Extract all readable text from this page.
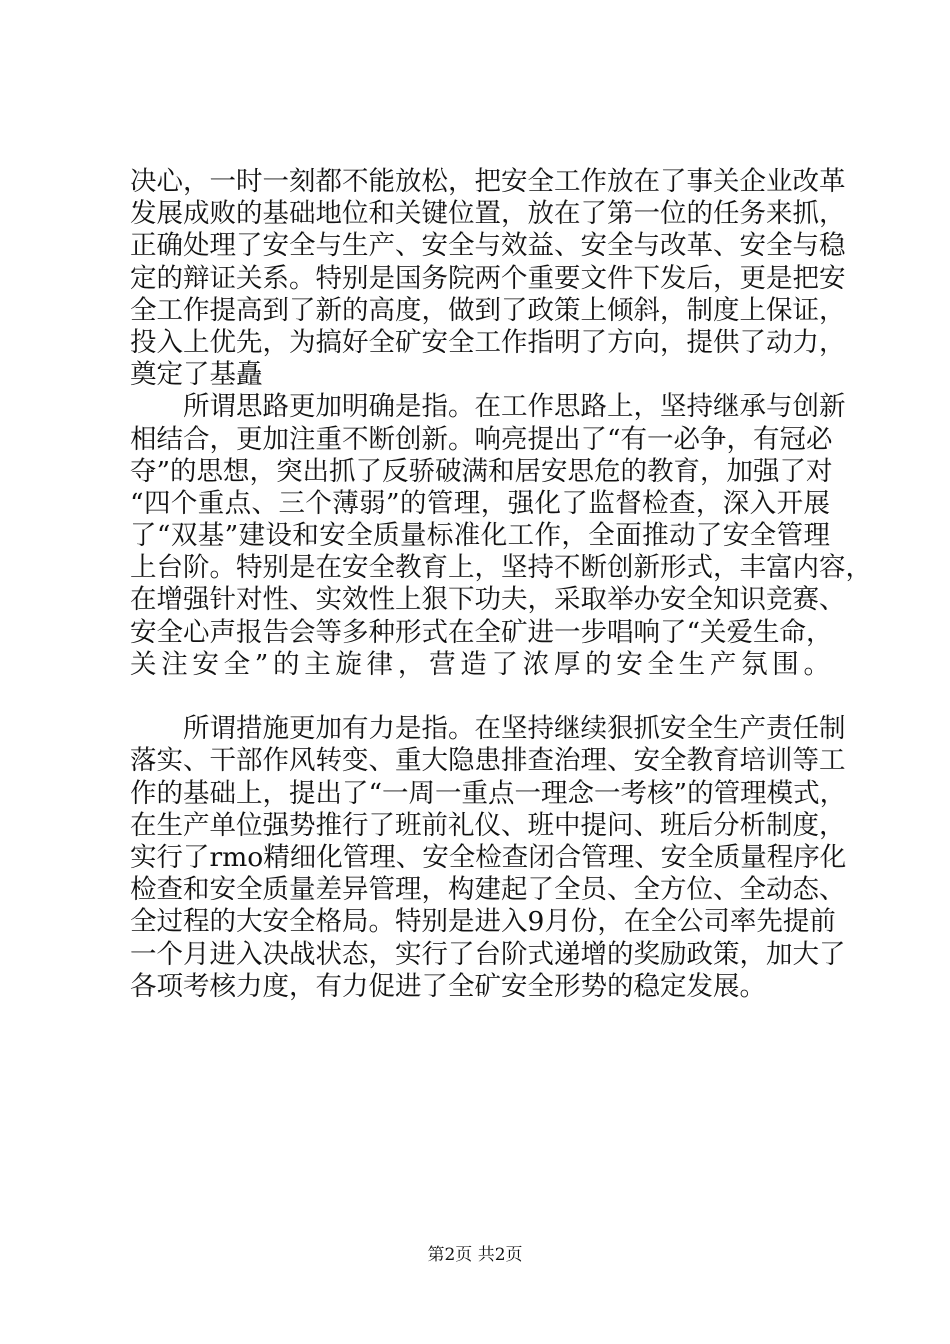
决心，一时一刻都不能放松，把安全工作放在了事关企业改革

发展成败的基础地位和关键位置，放在了第一位的任务来抓，

正确处理了安全与生产、安全与效益、安全与改革、安全与稳

定的辩证关系。特别是国务院两个重要文件下发后，更是把安

全工作提高到了新的高度，做到了政策上倾斜，制度上保证，

投入上优先，为搞好全矿安全工作指明了方向，提供了动力，

奠定了基矗

所谓思路更加明确是指。在工作思路上，坚持继承与创新

相结合，更加注重不断创新。响亮提出了“有一必争，有冠必

夺”的思想，突出抓了反骄破满和居安思危的教育，加强了对

“四个重点、三个薄弱”的管理，强化了监督检查，深入开展

了“双基”建设和安全质量标准化工作，全面推动了安全管理

上台阶。特别是在安全教育上，坚持不断创新形式，丰富内容，

在增强针对性、实效性上狠下功夫，采取举办安全知识竞赛、

安全心声报告会等多种形式在全矿进一步唱响了“关爱生命，

关注安全”的主旋律，营造了浓厚的安全生产氛围。

所谓措施更加有力是指。在坚持继续狠抓安全生产责任制

落实、干部作风转变、重大隐患排查治理、安全教育培训等工

作的基础上，提出了“一周一重点一理念一考核”的管理模式，

在生产单位强势推行了班前礼仪、班中提问、班后分析制度，

实行了rmo精细化管理、安全检查闭合管理、安全质量程序化

检查和安全质量差异管理，构建起了全员、全方位、全动态、

全过程的大安全格局。特别是进入9月份，在全公司率先提前

一个月进入决战状态，实行了台阶式递增的奖励政策，加大了

各项考核力度，有力促进了全矿安全形势的稳定发展。

第2页 共2页
